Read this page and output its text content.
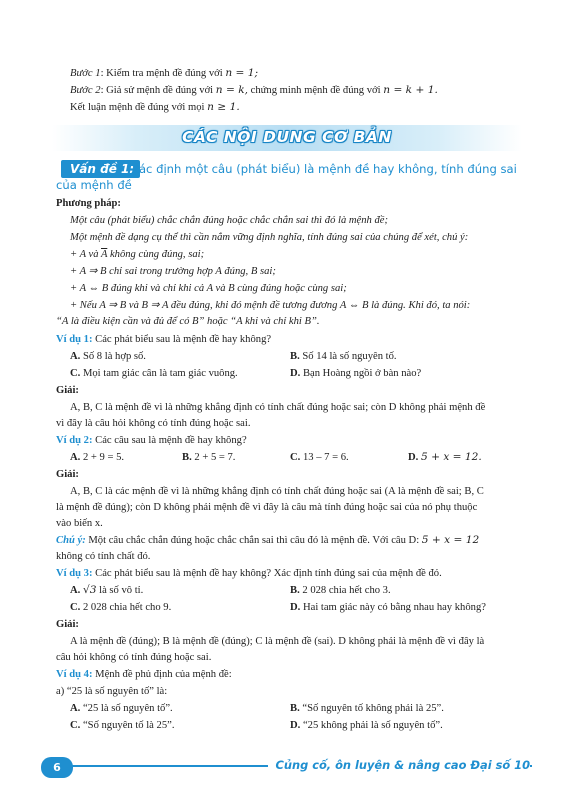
Bước 1: Kiểm tra mệnh đề đúng với n = 1;
Bước 2: Giả sử mệnh đề đúng với n = k, chứng minh mệnh đề đúng với n = k + 1.
Kết luận mệnh đề đúng với mọi n ≥ 1.
CÁC NỘI DUNG CƠ BẢN
Vấn đề 1:
Xác định một câu (phát biểu) là mệnh đề hay không, tính đúng sai
của mệnh đề
Phương pháp:
Một câu (phát biểu) chắc chắn đúng hoặc chắc chắn sai thì đó là mệnh đề;
Một mệnh đề dạng cụ thể thì cần nắm vững định nghĩa, tính đúng sai của chúng để xét, chú ý:
+ A và $\overline{A}$ không cùng đúng, sai;
+ A ⇒ B chỉ sai trong trường hợp A đúng, B sai;
+ A ⇔ B đúng khi và chỉ khi cả A và B cùng đúng hoặc cùng sai;
+ Nếu A ⇒ B và B ⇒ A đều đúng, khi đó mệnh đề tương đương A ⇔ B là đúng. Khi đó, ta nói:
“A là điều kiện cần và đủ để có B” hoặc “A khi và chỉ khi B”.
Ví dụ 1: Các phát biểu sau là mệnh đề hay không?
A. Số 8 là hợp số.	B. Số 14 là số nguyên tố.
C. Mọi tam giác cân là tam giác vuông.	D. Bạn Hoàng ngồi ở bàn nào?
Giải:
A, B, C là mệnh đề vì là những khẳng định có tính chất đúng hoặc sai; còn D không phải mệnh đề
vì đây là câu hỏi không có tính đúng hoặc sai.
Ví dụ 2: Các câu sau là mệnh đề hay không?
A. 2 + 9 = 5.	B. 2 + 5 = 7.	C. 13 – 7 = 6.	D. 5 + x = 12.
Giải:
A, B, C là các mệnh đề vì là những khẳng định có tính chất đúng hoặc sai (A là mệnh đề sai; B, C
là mệnh đề đúng); còn D không phải mệnh đề vì đây là câu mà tính đúng hoặc sai của nó phụ thuộc
vào biến x.
Chú ý: Một câu chắc chắn đúng hoặc chắc chắn sai thì câu đó là mệnh đề. Với câu D: 5 + x = 12
không có tính chất đó.
Ví dụ 3: Các phát biểu sau là mệnh đề hay không? Xác định tính đúng sai của mệnh đề đó.
A. √3 là số vô tỉ.	B. 2 028 chia hết cho 3.
C. 2 028 chia hết cho 9.	D. Hai tam giác này có bằng nhau hay không?
Giải:
A là mệnh đề (đúng); B là mệnh đề (đúng); C là mệnh đề (sai). D không phải là mệnh đề vì đây là
câu hỏi không có tính đúng hoặc sai.
Ví dụ 4: Mệnh đề phủ định của mệnh đề:
a) “25 là số nguyên tố” là:
A. “25 là số nguyên tố”.	B. “Số nguyên tố không phải là 25”.
C. “Số nguyên tố là 25”.	D. “25 không phải là số nguyên tố”.
6	Củng cố, ôn luyện & nâng cao Đại số 10
